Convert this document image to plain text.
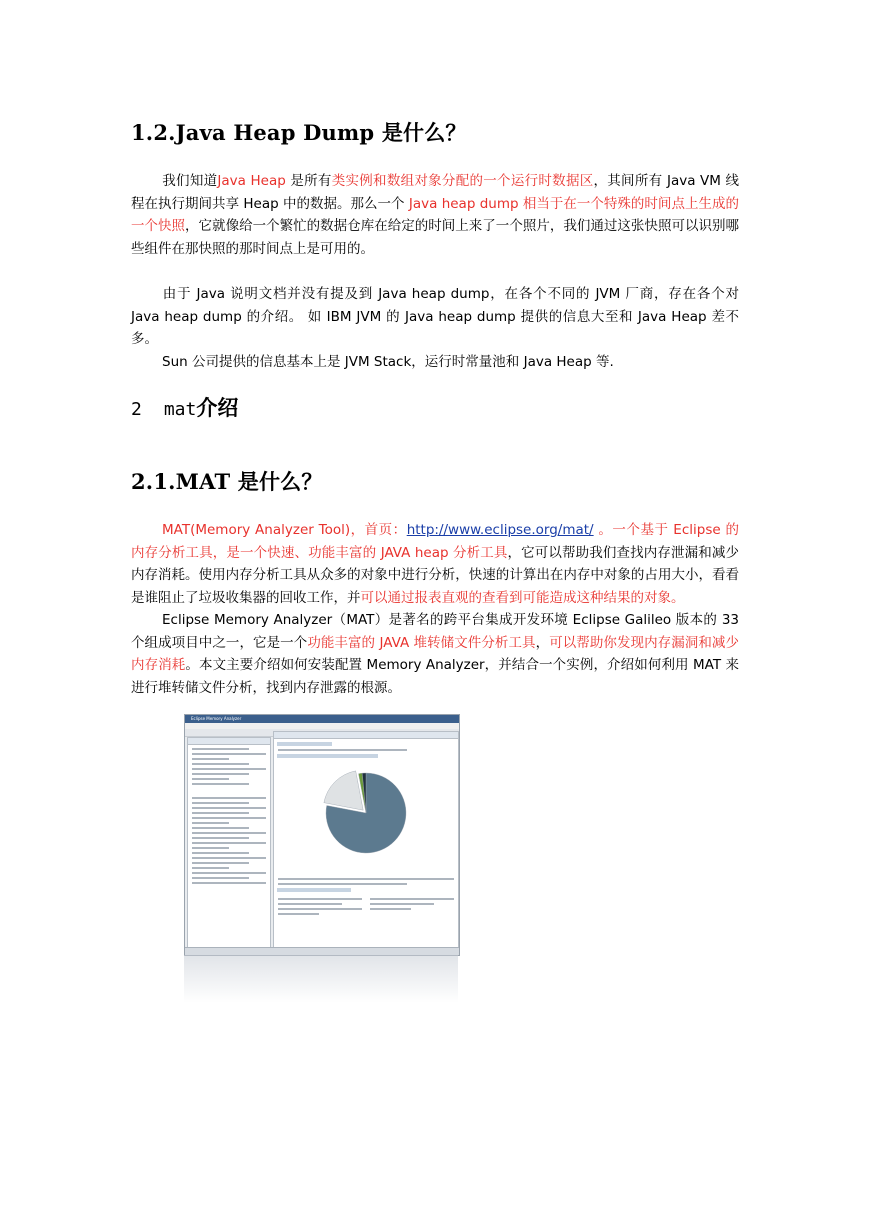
1.2.Java Heap Dump 是什么？

我们知道Java Heap 是所有类实例和数组对象分配的一个运行时数据区，其间所有 Java VM 线程在执行期间共享 Heap 中的数据。那么一个 Java heap dump 相当于在一个特殊的时间点上生成的一个快照，它就像给一个繁忙的数据仓库在给定的时间上来了一个照片，我们通过这张快照可以识别哪些组件在那快照的那时间点上是可用的。

由于 Java 说明文档并没有提及到 Java heap dump，在各个不同的 JVM 厂商，存在各个对 Java heap dump 的介绍。 如 IBM JVM 的 Java heap dump 提供的信息大至和 Java Heap 差不多。
Sun 公司提供的信息基本上是 JVM Stack，运行时常量池和 Java Heap 等.

2 mat介绍
2.1.MAT 是什么？

MAT(Memory Analyzer Tool)，首页：http://www.eclipse.org/mat/ 。一个基于 Eclipse 的内存分析工具，是一个快速、功能丰富的 JAVA heap 分析工具，它可以帮助我们查找内存泄漏和减少内存消耗。使用内存分析工具从众多的对象中进行分析，快速的计算出在内存中对象的占用大小，看看是谁阻止了垃圾收集器的回收工作，并可以通过报表直观的查看到可能造成这种结果的对象。

Eclipse Memory Analyzer（MAT）是著名的跨平台集成开发环境 Eclipse Galileo 版本的 33 个组成项目中之一，它是一个功能丰富的 JAVA 堆转储文件分析工具，可以帮助你发现内存漏洞和减少内存消耗。本文主要介绍如何安装配置 Memory Analyzer，并结合一个实例，介绍如何利用 MAT 来进行堆转储文件分析，找到内存泄露的根源。

Eclipse Memory Analyzer
